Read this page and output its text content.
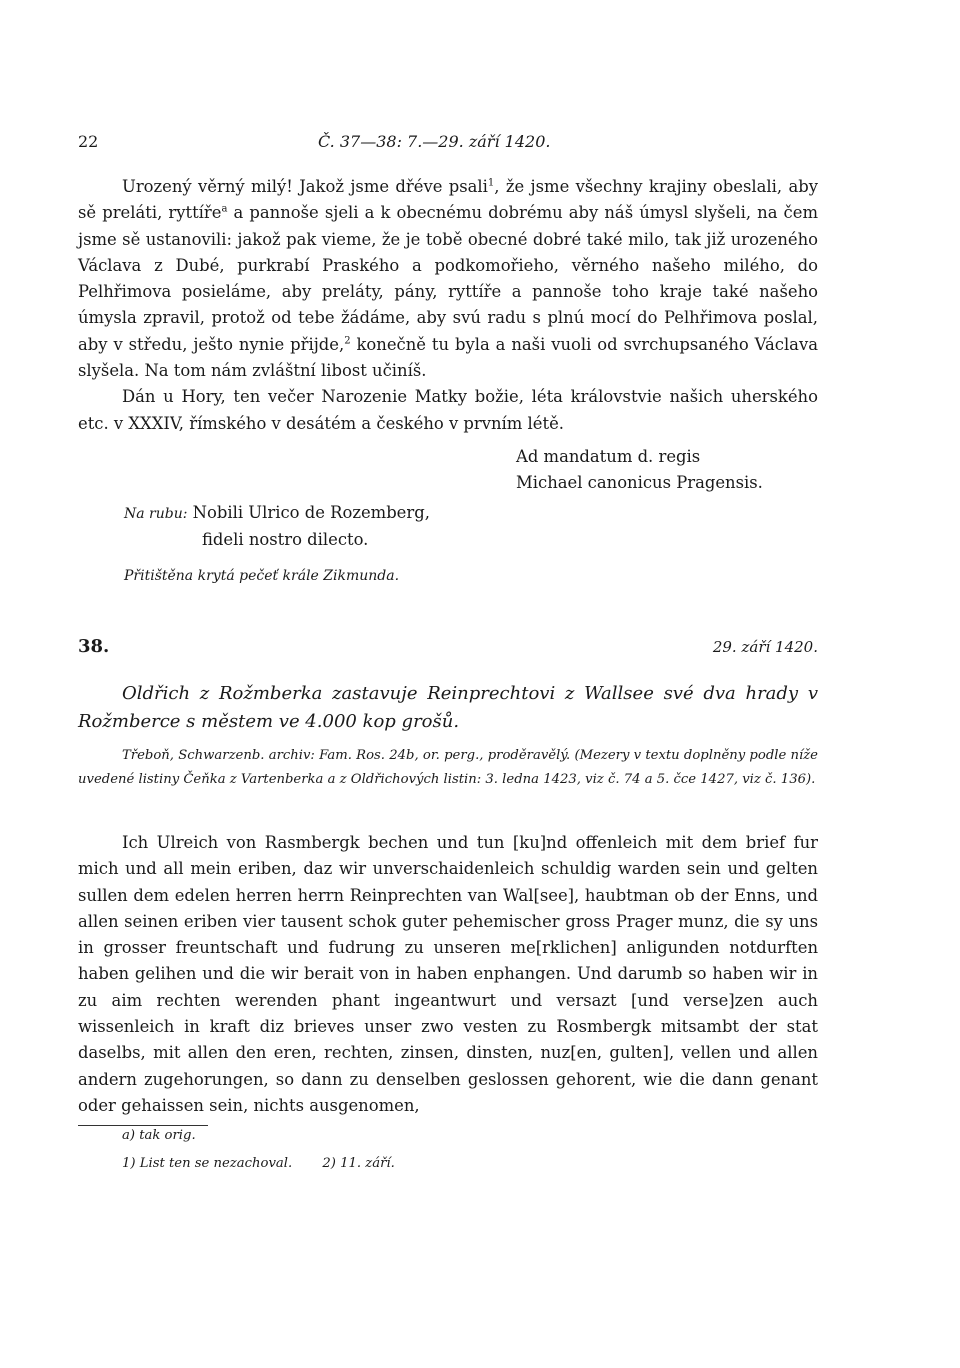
22	Č. 37—38: 7.—29. září 1420.

Urozený věrný milý! Jakož jsme dřéve psali$^1$, že jsme všechny krajiny obeslali, aby sě preláti, ryttíře$^a$ a pannoše sjeli a k obecnému dobrému aby náš úmysl slyšeli, na čem jsme sě ustanovili: jakož pak vieme, že je tobě obecné dobré také milo, tak již urozeného Václava z Dubé, purkrabí Praského a podkomořieho, věrného našeho milého, do Pelhřimova posieláme, aby preláty, pány, ryttíře a pannoše toho kraje také našeho úmysla zpravil, protož od tebe žádáme, aby svú radu s plnú mocí do Pelhřimova poslal, aby v středu, ješto nynie přijde,$^2$ konečně tu byla a naši vuoli od svrchupsaného Václava slyšela. Na tom nám zvláštní libost učiníš.

Dán u Hory, ten večer Narozenie Matky božie, léta královstvie našich uherského etc. v XXXIV, římského v desátém a českého v prvním létě.

Ad mandatum d. regis
Michael canonicus Pragensis.
Na rubu: Nobili Ulrico de Rozemberg,
fideli nostro dilecto.
Přitištěna krytá pečeť krále Zikmunda.
38.	29. září 1420.

Oldřich z Rožmberka zastavuje Reinprechtovi z Wallsee své dva hrady v Rožmberce s městem ve 4.000 kop grošů.

Třeboň, Schwarzenb. archiv: Fam. Ros. 24b, or. perg., proděravělý. (Mezery v textu doplněny podle níže uvedené listiny Čeňka z Vartenberka a z Oldřichových listin: 3. ledna 1423, viz č. 74 a 5. čce 1427, viz č. 136).

Ich Ulreich von Rasmbergk bechen und tun [ku]nd offenleich mit dem brief fur mich und all mein eriben, daz wir unverschaidenleich schuldig warden sein und gelten sullen dem edelen herren herrn Reinprechten van Wal[see], haubtman ob der Enns, und allen seinen eriben vier tausent schok guter pehemischer gross Prager munz, die sy uns in grosser freuntschaft und fudrung zu unseren me[rklichen] anligunden notdurften haben gelihen und die wir berait von in haben enphangen. Und darumb so haben wir in zu aim rechten werenden phant ingeantwurt und versazt [und verse]zen auch wissenleich in kraft diz brieves unser zwo vesten zu Rosmbergk mitsambt der stat daselbs, mit allen den eren, rechten, zinsen, dinsten, nuz[en, gulten], vellen und allen andern zugehorungen, so dann zu denselben geslossen gehorent, wie die dann genant oder gehaissen sein, nichts ausgenomen,

a) tak orig.
1) List ten se nezachoval. 2) 11. září.
